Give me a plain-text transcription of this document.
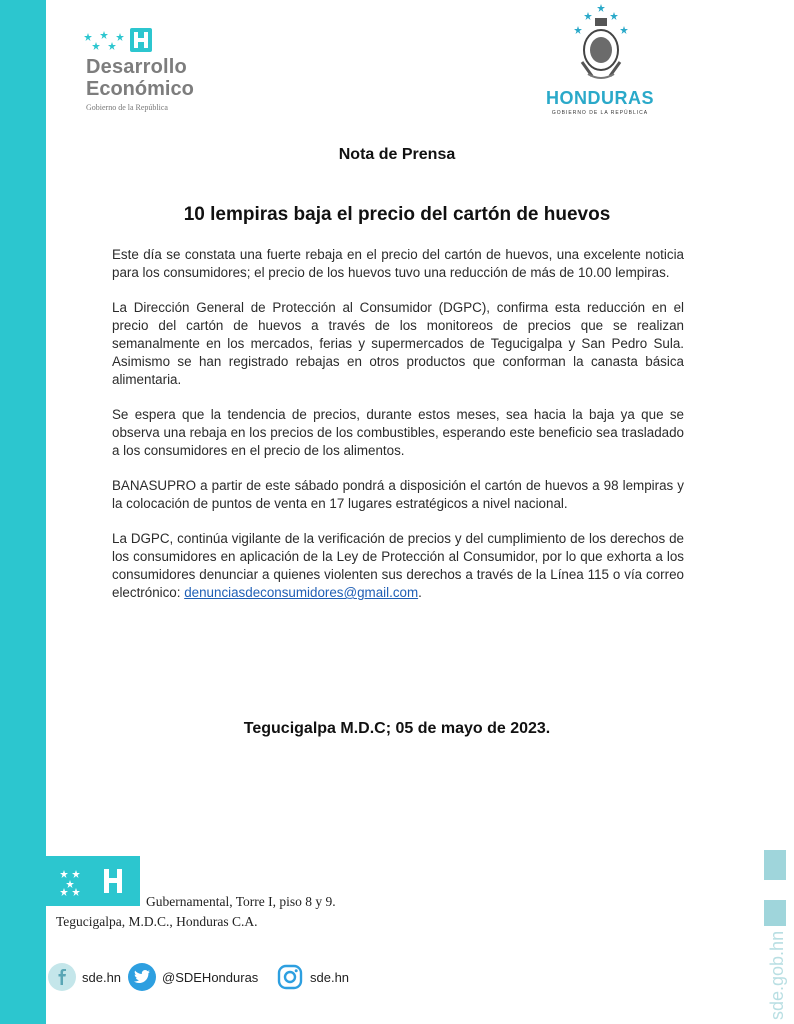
Desarrollo
Económico
Gobierno de la República	HONDURAS
GOBIERNO DE LA REPÚBLICA
Nota de Prensa
10 lempiras baja el precio del cartón de huevos

Este día se constata una fuerte rebaja en el precio del cartón de huevos, una excelente noticia para los consumidores; el precio de los huevos tuvo una reducción de más de 10.00 lempiras.

La Dirección General de Protección al Consumidor (DGPC), confirma esta reducción en el precio del cartón de huevos a través de los monitoreos de precios que se realizan semanalmente en los mercados, ferias y supermercados de Tegucigalpa y San Pedro Sula. Asimismo se han registrado rebajas en otros productos que conforman la canasta básica alimentaria.

Se espera que la tendencia de precios, durante estos meses, sea hacia la baja ya que se observa una rebaja en los precios de los combustibles, esperando este beneficio sea trasladado a los consumidores en el precio de los alimentos.

BANASUPRO a partir de este sábado pondrá a disposición el cartón de huevos a 98 lempiras y la colocación de puntos de venta en 17 lugares estratégicos a nivel nacional.

La DGPC, continúa vigilante de la verificación de precios y del cumplimiento de los derechos de los consumidores en aplicación de la Ley de Protección al Consumidor, por lo que exhorta a los consumidores denunciar a quienes violenten sus derechos a través de la Línea 115 o vía correo electrónico: denunciasdeconsumidores@gmail.com.

Tegucigalpa M.D.C; 05 de mayo de 2023.
Gubernamental, Torre I, piso 8 y 9.
Tegucigalpa, M.D.C., Honduras C.A.
sde.hn	@SDEHonduras	sde.hn	sde.gob.hn
